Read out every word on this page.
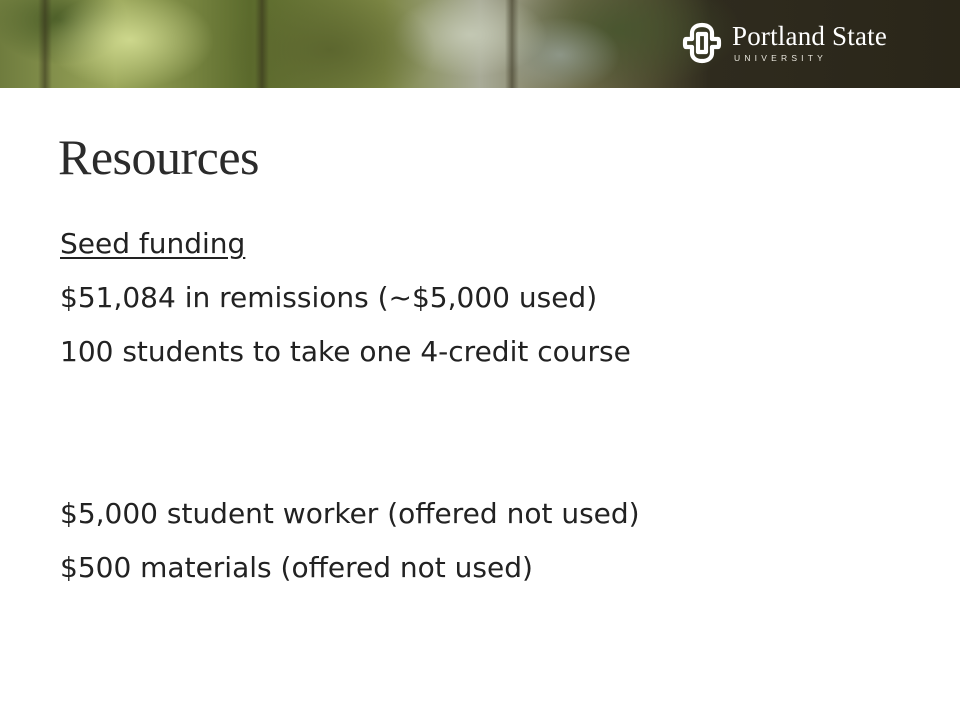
Portland State
UNIVERSITY
Resources
Seed funding
$51,084 in remissions (~$5,000 used)
100 students to take one 4-credit course
$5,000 student worker (offered not used)
$500 materials (offered not used)
